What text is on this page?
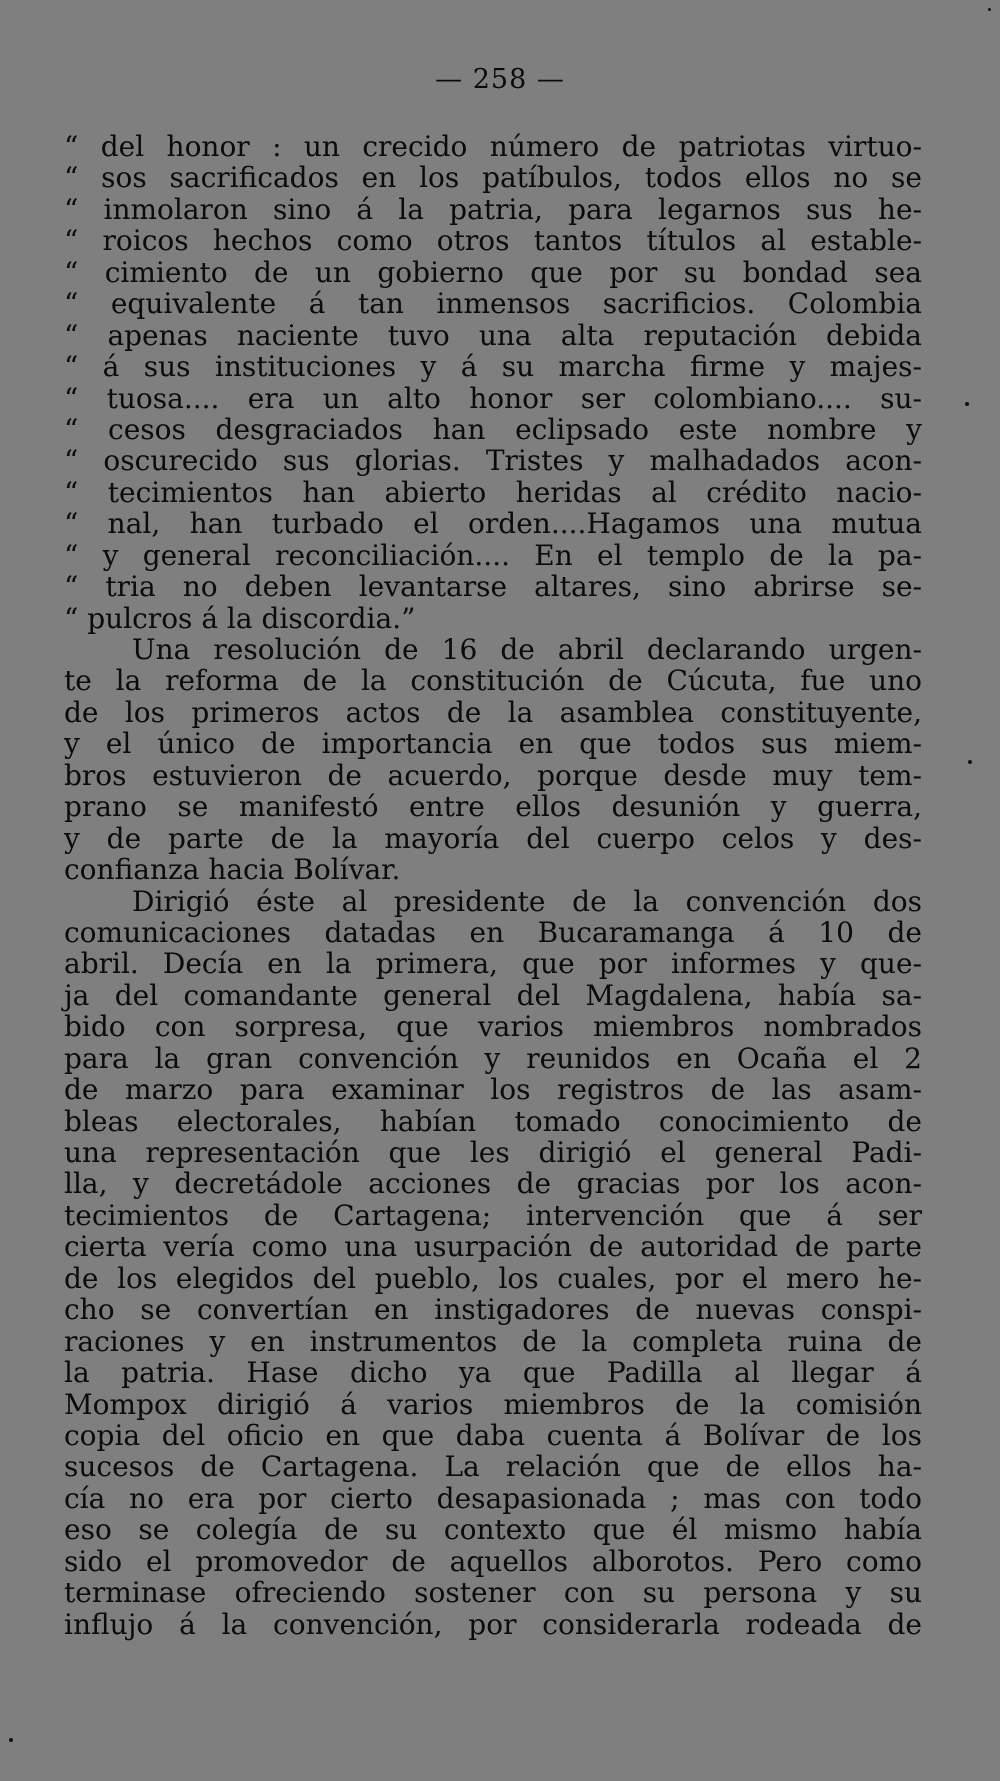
— 258 —
“ del honor : un crecido número de patriotas virtuo-
“ sos sacrificados en los patíbulos, todos ellos no se
“ inmolaron sino á la patria, para legarnos sus he-
“ roicos hechos como otros tantos títulos al estable-
“ cimiento de un gobierno que por su bondad sea
“ equivalente á tan inmensos sacrificios. Colombia
“ apenas naciente tuvo una alta reputación debida
“ á sus instituciones y á su marcha firme y majes-
“ tuosa.... era un alto honor ser colombiano.... su-
“ cesos desgraciados han eclipsado este nombre y
“ oscurecido sus glorias. Tristes y malhadados acon-
“ tecimientos han abierto heridas al crédito nacio-
“ nal, han turbado el orden....Hagamos una mutua
“ y general reconciliación.... En el templo de la pa-
“ tria no deben levantarse altares, sino abrirse se-
“ pulcros á la discordia.”
Una resolución de 16 de abril declarando urgen-
te la reforma de la constitución de Cúcuta, fue uno
de los primeros actos de la asamblea constituyente,
y el único de importancia en que todos sus miem-
bros estuvieron de acuerdo, porque desde muy tem-
prano se manifestó entre ellos desunión y guerra,
y de parte de la mayoría del cuerpo celos y des-
confianza hacia Bolívar.
Dirigió éste al presidente de la convención dos
comunicaciones datadas en Bucaramanga á 10 de
abril. Decía en la primera, que por informes y que-
ja del comandante general del Magdalena, había sa-
bido con sorpresa, que varios miembros nombrados
para la gran convención y reunidos en Ocaña el 2
de marzo para examinar los registros de las asam-
bleas electorales, habían tomado conocimiento de
una representación que les dirigió el general Padi-
lla, y decretádole acciones de gracias por los acon-
tecimientos de Cartagena; intervención que á ser
cierta vería como una usurpación de autoridad de parte
de los elegidos del pueblo, los cuales, por el mero he-
cho se convertían en instigadores de nuevas conspi-
raciones y en instrumentos de la completa ruina de
la patria. Hase dicho ya que Padilla al llegar á
Mompox dirigió á varios miembros de la comisión
copia del oficio en que daba cuenta á Bolívar de los
sucesos de Cartagena. La relación que de ellos ha-
cía no era por cierto desapasionada ; mas con todo
eso se colegía de su contexto que él mismo había
sido el promovedor de aquellos alborotos. Pero como
terminase ofreciendo sostener con su persona y su
influjo á la convención, por considerarla rodeada de
